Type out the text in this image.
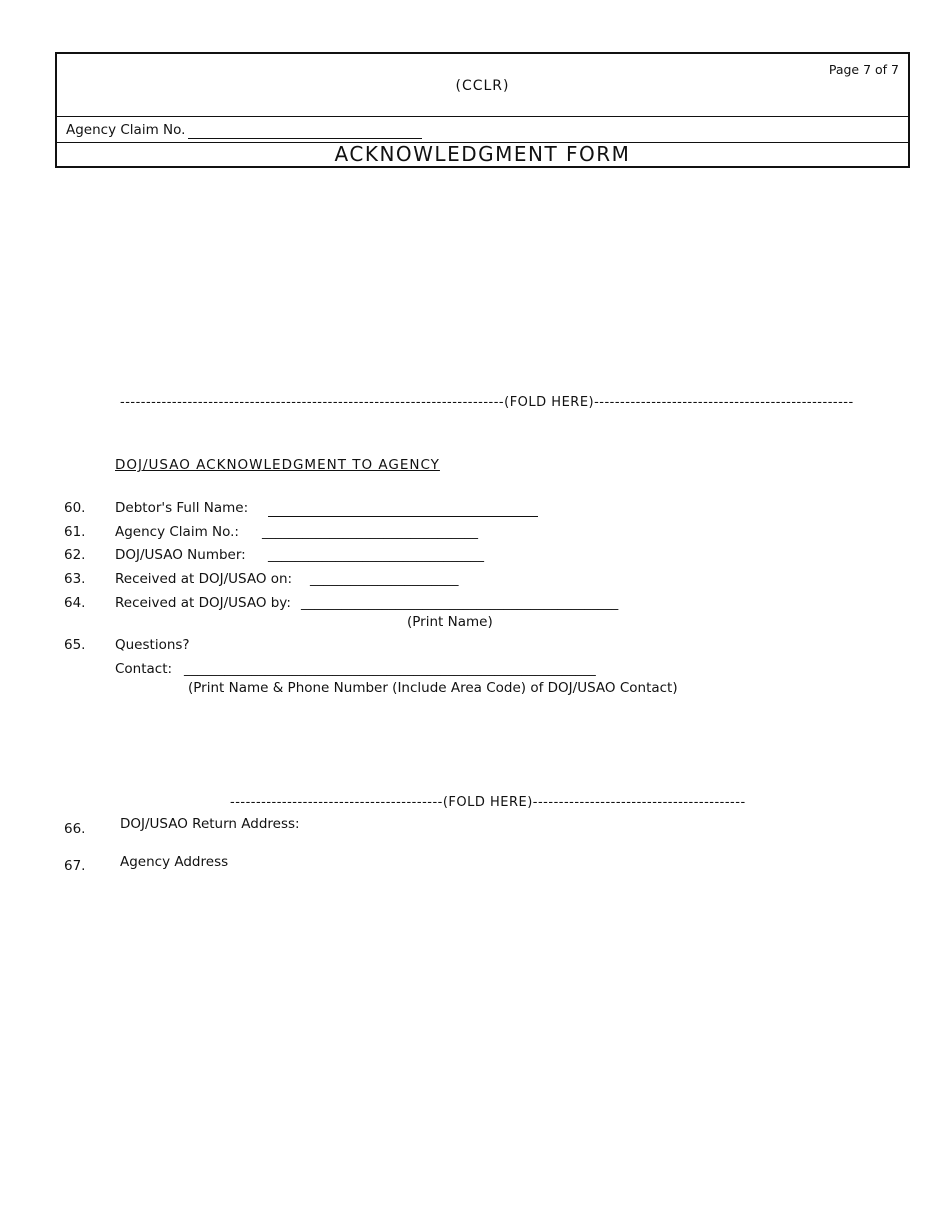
Page 7 of 7
(CCLR)
Agency Claim No.
ACKNOWLEDGMENT FORM
--------------------------------------------------------------------------(FOLD HERE)--------------------------------------------------
DOJ/USAO ACKNOWLEDGMENT TO AGENCY
60. Debtor's Full Name:
61. Agency Claim No.: ________________________________
62. DOJ/USAO Number: ________________________________
63. Received at DOJ/USAO on: ______________________
64. Received at DOJ/USAO by: _______________________________________________
(Print Name)
65. Questions?
Contact: _____________________________________________________________
(Print Name & Phone Number (Include Area Code) of DOJ/USAO Contact)
-----------------------------------------(FOLD HERE)-----------------------------------------
66.	DOJ/USAO Return Address:
67.	Agency Address
